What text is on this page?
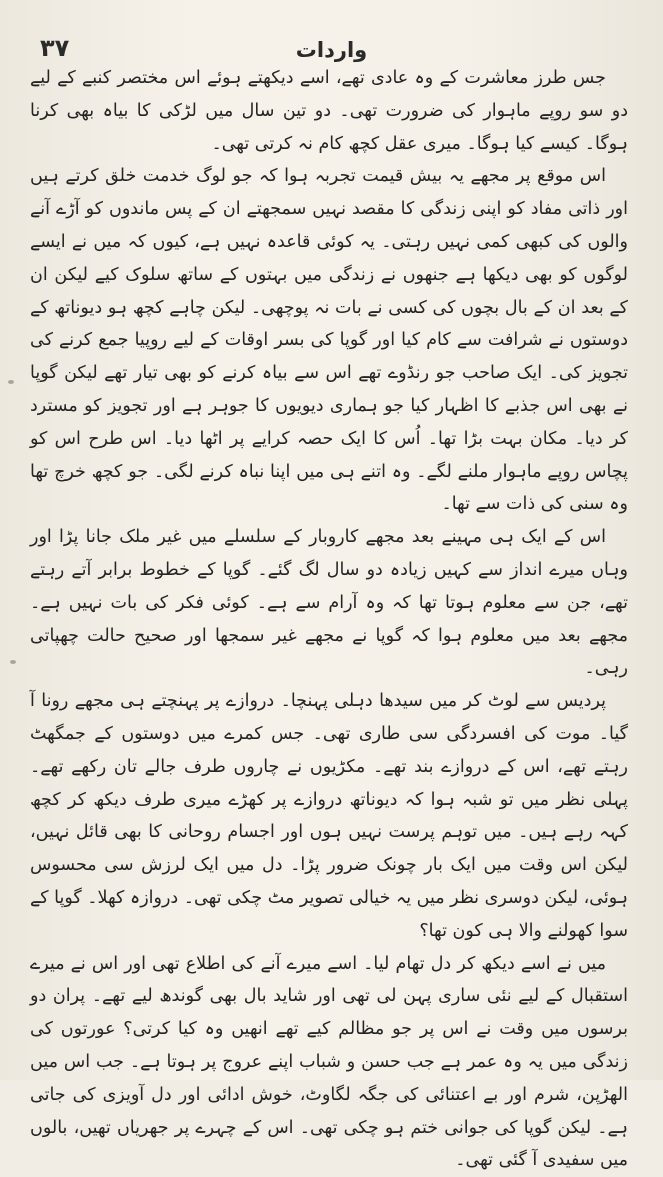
۳۷	واردات

جس طرز معاشرت کے وہ عادی تھے، اسے دیکھتے ہوئے اس مختصر کنبے کے لیے دو سو روپے ماہوار کی ضرورت تھی۔ دو تین سال میں لڑکی کا بیاہ بھی کرنا ہوگا۔ کیسے کیا ہوگا۔ میری عقل کچھ کام نہ کرتی تھی۔

اس موقع پر مجھے یہ بیش قیمت تجربہ ہوا کہ جو لوگ خدمت خلق کرتے ہیں اور ذاتی مفاد کو اپنی زندگی کا مقصد نہیں سمجھتے ان کے پس ماندوں کو آڑے آنے والوں کی کبھی کمی نہیں رہتی۔ یہ کوئی قاعدہ نہیں ہے، کیوں کہ میں نے ایسے لوگوں کو بھی دیکھا ہے جنھوں نے زندگی میں بہتوں کے ساتھ سلوک کیے لیکن ان کے بعد ان کے بال بچوں کی کسی نے بات نہ پوچھی۔ لیکن چاہے کچھ ہو دیوناتھ کے دوستوں نے شرافت سے کام کیا اور گوپا کی بسر اوقات کے لیے روپیا جمع کرنے کی تجویز کی۔ ایک صاحب جو رنڈوے تھے اس سے بیاہ کرنے کو بھی تیار تھے لیکن گوپا نے بھی اس جذبے کا اظہار کیا جو ہماری دیویوں کا جوہر ہے اور تجویز کو مسترد کر دیا۔ مکان بہت بڑا تھا۔ اُس کا ایک حصہ کرایے پر اٹھا دیا۔ اس طرح اس کو پچاس روپے ماہوار ملنے لگے۔ وہ اتنے ہی میں اپنا نباہ کرنے لگی۔ جو کچھ خرچ تھا وہ سنی کی ذات سے تھا۔

اس کے ایک ہی مہینے بعد مجھے کاروبار کے سلسلے میں غیر ملک جانا پڑا اور وہاں میرے انداز سے کہیں زیادہ دو سال لگ گئے۔ گوپا کے خطوط برابر آتے رہتے تھے، جن سے معلوم ہوتا تھا کہ وہ آرام سے ہے۔ کوئی فکر کی بات نہیں ہے۔ مجھے بعد میں معلوم ہوا کہ گوپا نے مجھے غیر سمجھا اور صحیح حالت چھپاتی رہی۔

پردیس سے لوٹ کر میں سیدھا دہلی پہنچا۔ دروازے پر پہنچتے ہی مجھے رونا آ گیا۔ موت کی افسردگی سی طاری تھی۔ جس کمرے میں دوستوں کے جمگھٹ رہتے تھے، اس کے دروازے بند تھے۔ مکڑیوں نے چاروں طرف جالے تان رکھے تھے۔ پہلی نظر میں تو شبہ ہوا کہ دیوناتھ دروازے پر کھڑے میری طرف دیکھ کر کچھ کہہ رہے ہیں۔ میں توہم پرست نہیں ہوں اور اجسام روحانی کا بھی قائل نہیں، لیکن اس وقت میں ایک بار چونک ضرور پڑا۔ دل میں ایک لرزش سی محسوس ہوئی، لیکن دوسری نظر میں یہ خیالی تصویر مٹ چکی تھی۔ دروازہ کھلا۔ گوپا کے سوا کھولنے والا ہی کون تھا؟

میں نے اسے دیکھ کر دل تھام لیا۔ اسے میرے آنے کی اطلاع تھی اور اس نے میرے استقبال کے لیے نئی ساری پہن لی تھی اور شاید بال بھی گوندھ لیے تھے۔ پران دو برسوں میں وقت نے اس پر جو مظالم کیے تھے انھیں وہ کیا کرتی؟ عورتوں کی زندگی میں یہ وہ عمر ہے جب حسن و شباب اپنے عروج پر ہوتا ہے۔ جب اس میں الھڑپن، شرم اور بے اعتنائی کی جگہ لگاوٹ، خوش ادائی اور دل آویزی کی جاتی ہے۔ لیکن گوپا کی جوانی ختم ہو چکی تھی۔ اس کے چہرے پر جھریاں تھیں، بالوں میں سفیدی آ گئی تھی۔
